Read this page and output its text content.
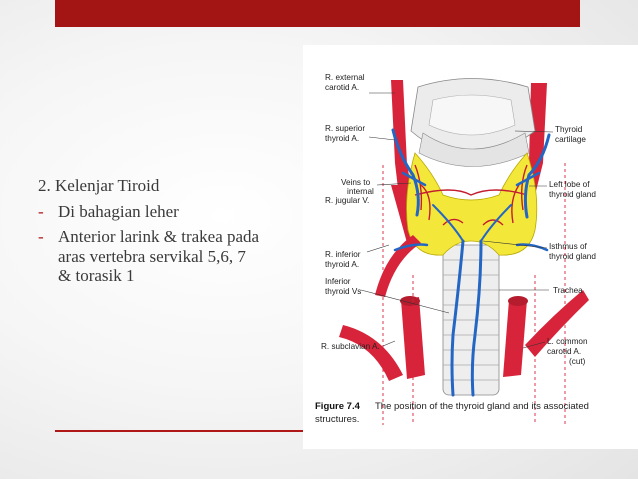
2. Kelenjar Tiroid
- Di bahagian leher
- Anterior larink & trakea pada
aras vertebra servikal 5,6, 7
& torasik 1
R. external
carotid A.
R. superior
thyroid A.
Veins to
internal
R. jugular V.
R. inferior
thyroid A.
Inferior
thyroid Vs
R. subclavian A.
Thyroid
cartilage
Left lobe of
thyroid gland
Isthmus of
thyroid gland
Trachea
L. common
carotid A.
(cut)
Figure 7.4 The position of the thyroid gland and its associated
structures.
